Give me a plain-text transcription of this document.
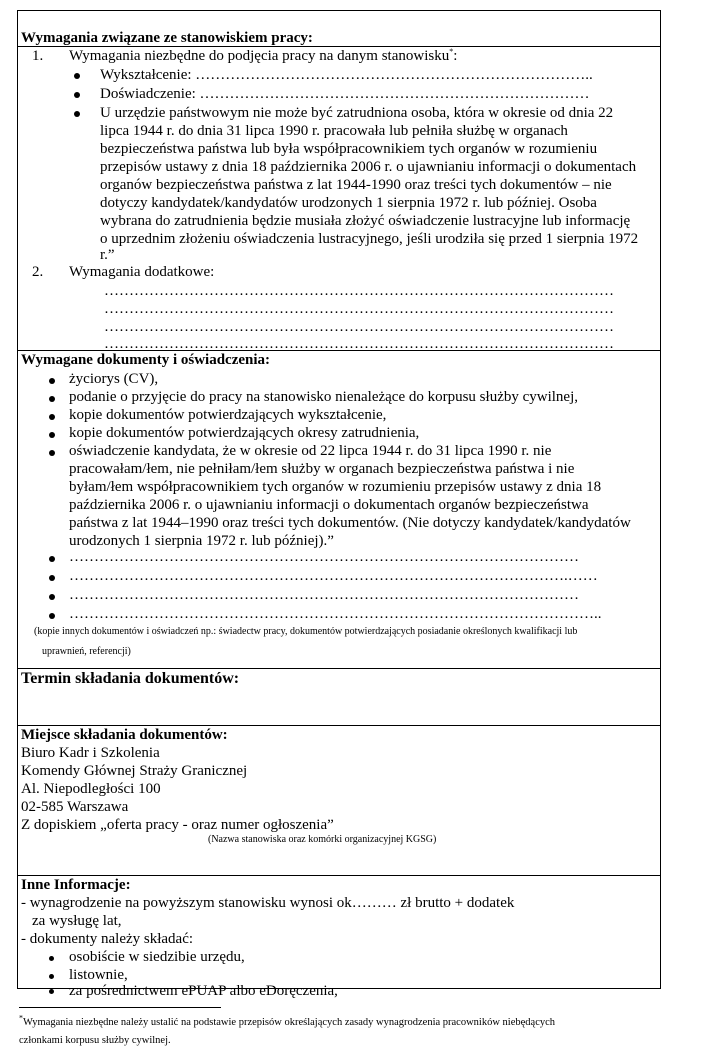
Wymagania związane ze stanowiskiem pracy:
1. Wymagania niezbędne do podjęcia pracy na danym stanowisku*:
Wykształcenie: ……………………………………………………………………..
Doświadczenie: ……………………………………………………………………
U urzędzie państwowym nie może być zatrudniona osoba, która w okresie od dnia 22
lipca 1944 r. do dnia 31 lipca 1990 r. pracowała lub pełniła służbę w organach
bezpieczeństwa państwa lub była współpracownikiem tych organów w rozumieniu
przepisów ustawy z dnia 18 października 2006 r. o ujawnianiu informacji o dokumentach
organów bezpieczeństwa państwa z lat 1944-1990 oraz treści tych dokumentów – nie
dotyczy kandydatek/kandydatów urodzonych 1 sierpnia 1972 r. lub później. Osoba
wybrana do zatrudnienia będzie musiała złożyć oświadczenie lustracyjne lub informację
o uprzednim złożeniu oświadczenia lustracyjnego, jeśli urodziła się przed 1 sierpnia 1972
r.”
2. Wymagania dodatkowe:
…………………………………………………………………………………………
…………………………………………………………………………………………
…………………………………………………………………………………………
…………………………………………………………………………………………
Wymagane dokumenty i oświadczenia:
życiorys (CV),
podanie o przyjęcie do pracy na stanowisko nienależące do korpusu służby cywilnej,
kopie dokumentów potwierdzających wykształcenie,
kopie dokumentów potwierdzających okresy zatrudnienia,
oświadczenie kandydata, że w okresie od 22 lipca 1944 r. do 31 lipca 1990 r. nie
pracowałam/łem, nie pełniłam/łem służby w organach bezpieczeństwa państwa i nie
byłam/łem współpracownikiem tych organów w rozumieniu przepisów ustawy z dnia 18
października 2006 r. o ujawnianiu informacji o dokumentach organów bezpieczeństwa
państwa z lat 1944–1990 oraz treści tych dokumentów. (Nie dotyczy kandydatek/kandydatów
urodzonych 1 sierpnia 1972 r. lub później).”
…………………………………………………………………………………………
……………………………………………………………………………………….……
…………………………………………………………………………………………
……………………………………………………………………………………………..
(kopie innych dokumentów i oświadczeń np.: świadectw pracy, dokumentów potwierdzających posiadanie określonych kwalifikacji lub
uprawnień, referencji)
Termin składania dokumentów:
Miejsce składania dokumentów:
Biuro Kadr i Szkolenia
Komendy Głównej Straży Granicznej
Al. Niepodległości 100
02-585 Warszawa
Z dopiskiem „oferta pracy - oraz numer ogłoszenia”
(Nazwa stanowiska oraz komórki organizacyjnej KGSG)
Inne Informacje:
- wynagrodzenie na powyższym stanowisku wynosi ok……… zł brutto + dodatek
za wysługę lat,
- dokumenty należy składać:
osobiście w siedzibie urzędu,
listownie,
za pośrednictwem ePUAP albo eDoręczenia,
*Wymagania niezbędne należy ustalić na podstawie przepisów określających zasady wynagrodzenia pracowników niebędących
członkami korpusu służby cywilnej.
